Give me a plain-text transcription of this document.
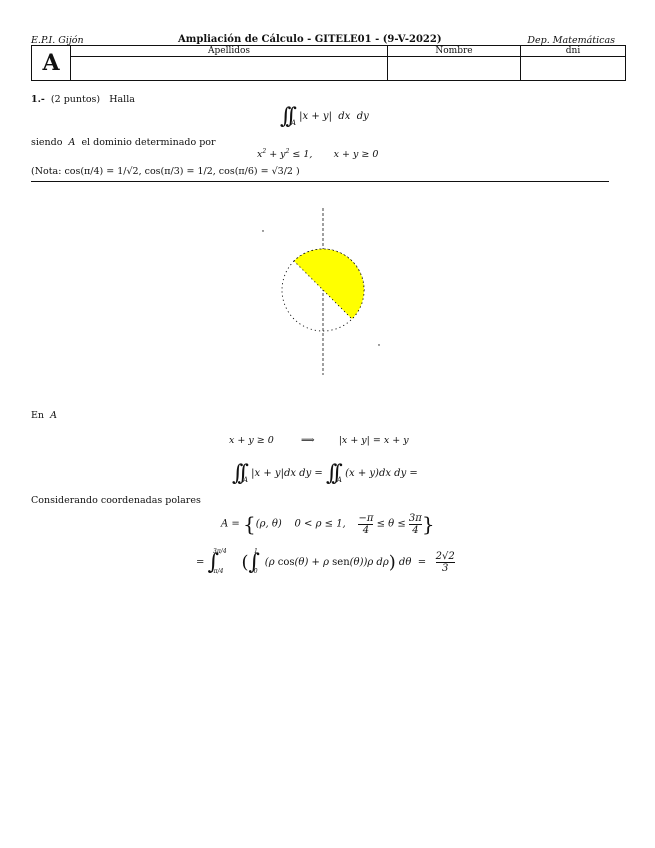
E.P.I. Gijón	Ampliación de Cálculo - GITELE01 - (9-V-2022)	Dep. Matemáticas
A	Apellidos	Nombre	dni

1.- (2 puntos) Halla
$\int\int_A$ |x + y|  dx  dy
siendo A el dominio determinado por
$x^2 + y^2 \le 1$,       x + y ≥ 0
(Nota: cos(π/4) = 1/√2, cos(π/3) = 1/2, cos(π/6) = √3/2 )
En A
x + y ≥ 0         ⟹        |x + y| = x + y
$\int\int_A$ |x + y|dx dy = $\int\int_A$ (x + y)dx dy =
Considerando coordenadas polares
A = {(ρ, θ)    0 < ρ ≤ 1, $\frac{-\pi}{4} \le \theta \le \frac{3\pi}{4}$ }
= ∫$^{3\pi/4}_{-\pi/4}$ (∫$^1_0$ (ρ cos(θ) + ρ sen(θ))ρ dρ) $d\theta = \frac{2√2}{3}$
